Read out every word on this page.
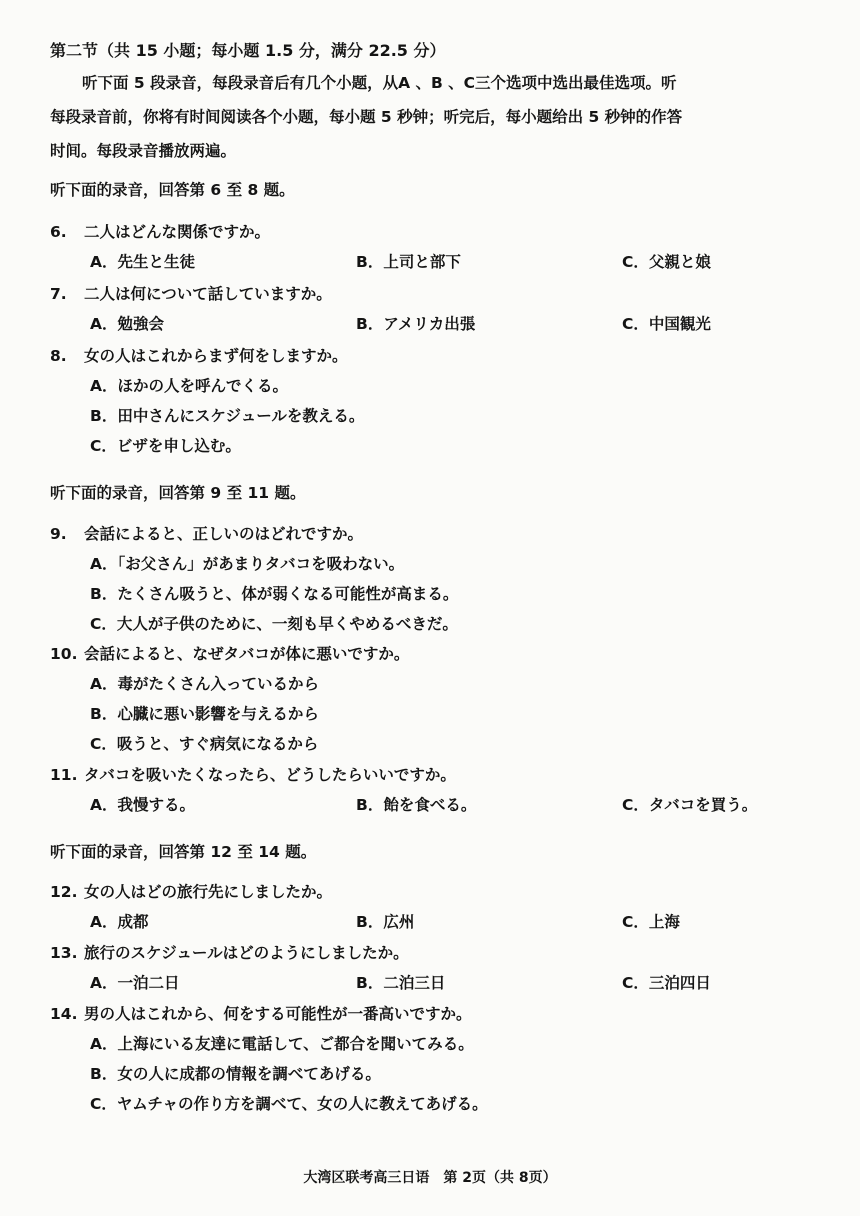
第二节（共 15 小题；每小题 1.5 分，满分 22.5 分）
听下面 5 段录音，每段录音后有几个小题，从A 、B 、C三个选项中选出最佳选项。听
每段录音前，你将有时间阅读各个小题，每小题 5 秒钟；听完后，每小题给出 5 秒钟的作答
时间。每段录音播放两遍。
听下面的录音，回答第 6 至 8 题。
6. 二人はどんな関係ですか。
A．先生と生徒	B．上司と部下	C．父親と娘
7. 二人は何について話していますか。
A．勉強会	B．アメリカ出張	C．中国観光
8. 女の人はこれからまず何をしますか。
A．ほかの人を呼んでくる。
B．田中さんにスケジュールを教える。
C．ビザを申し込む。
听下面的录音，回答第 9 至 11 题。
9. 会話によると、正しいのはどれですか。
A．「お父さん」があまりタバコを吸わない。
B．たくさん吸うと、体が弱くなる可能性が高まる。
C．大人が子供のために、一刻も早くやめるべきだ。
10. 会話によると、なぜタバコが体に悪いですか。
A．毒がたくさん入っているから
B．心臓に悪い影響を与えるから
C．吸うと、すぐ病気になるから
11. タバコを吸いたくなったら、どうしたらいいですか。
A．我慢する。	B．飴を食べる。	C．タバコを買う。
听下面的录音，回答第 12 至 14 题。
12. 女の人はどの旅行先にしましたか。
A．成都	B．広州	C．上海
13. 旅行のスケジュールはどのようにしましたか。
A．一泊二日	B．二泊三日	C．三泊四日
14. 男の人はこれから、何をする可能性が一番高いですか。
A．上海にいる友達に電話して、ご都合を聞いてみる。
B．女の人に成都の情報を調べてあげる。
C．ヤムチャの作り方を調べて、女の人に教えてあげる。
大湾区联考高三日语　第 2页（共 8页）
